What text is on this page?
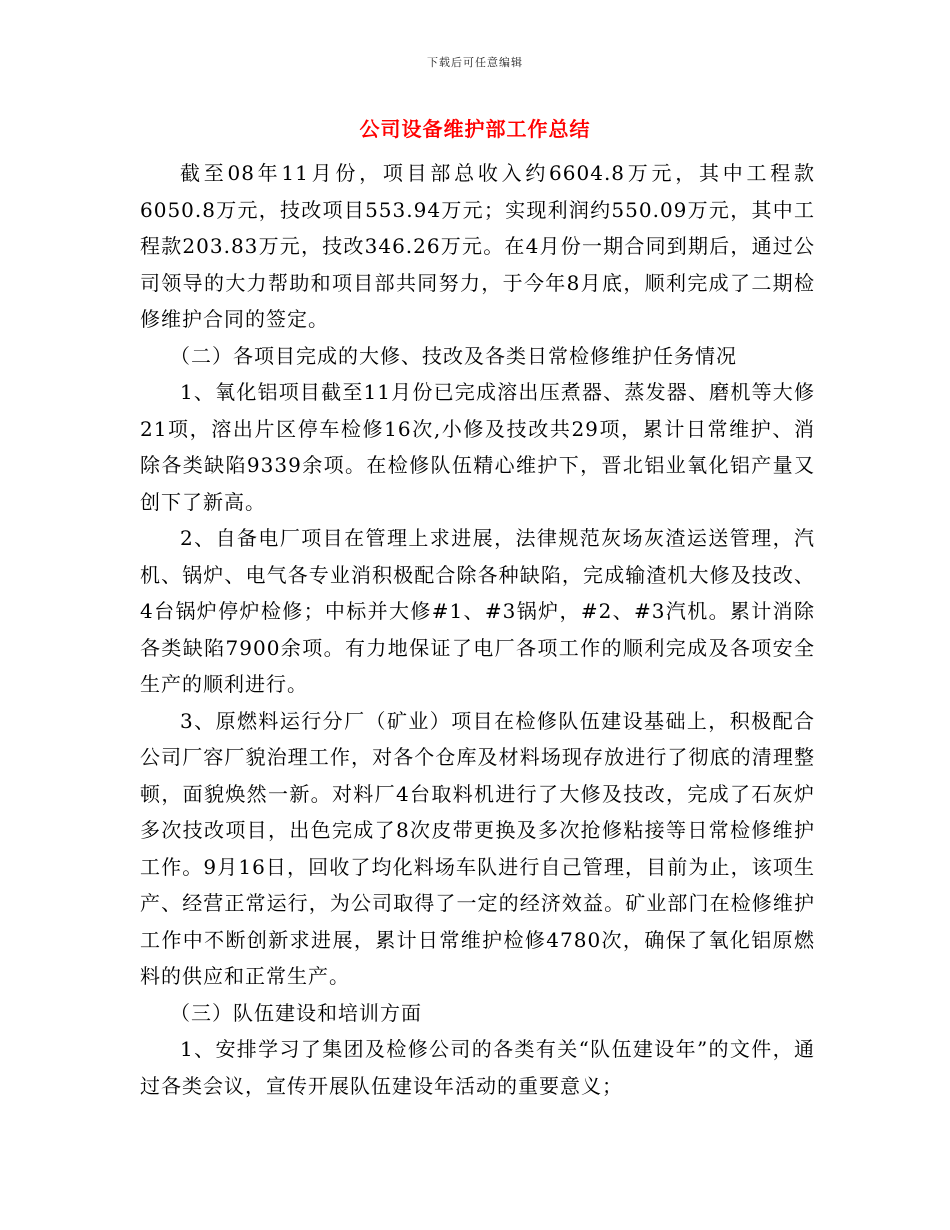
下载后可任意编辑
公司设备维护部工作总结

截至08年11月份，项目部总收入约6604.8万元，其中工程款6050.8万元，技改项目553.94万元；实现利润约550.09万元，其中工程款203.83万元，技改346.26万元。在4月份一期合同到期后，通过公司领导的大力帮助和项目部共同努力，于今年8月底，顺利完成了二期检修维护合同的签定。

（二）各项目完成的大修、技改及各类日常检修维护任务情况

1、氧化铝项目截至11月份已完成溶出压煮器、蒸发器、磨机等大修21项，溶出片区停车检修16次,小修及技改共29项，累计日常维护、消除各类缺陷9339余项。在检修队伍精心维护下，晋北铝业氧化铝产量又创下了新高。

2、自备电厂项目在管理上求进展，法律规范灰场灰渣运送管理，汽机、锅炉、电气各专业消积极配合除各种缺陷，完成输渣机大修及技改、4台锅炉停炉检修；中标并大修#1、#3锅炉，#2、#3汽机。累计消除各类缺陷7900余项。有力地保证了电厂各项工作的顺利完成及各项安全生产的顺利进行。

3、原燃料运行分厂（矿业）项目在检修队伍建设基础上，积极配合公司厂容厂貌治理工作，对各个仓库及材料场现存放进行了彻底的清理整顿，面貌焕然一新。对料厂4台取料机进行了大修及技改，完成了石灰炉多次技改项目，出色完成了8次皮带更换及多次抢修粘接等日常检修维护工作。9月16日，回收了均化料场车队进行自己管理，目前为止，该项生产、经营正常运行，为公司取得了一定的经济效益。矿业部门在检修维护工作中不断创新求进展，累计日常维护检修4780次，确保了氧化铝原燃料的供应和正常生产。

（三）队伍建设和培训方面

1、安排学习了集团及检修公司的各类有关“队伍建设年”的文件，通过各类会议，宣传开展队伍建设年活动的重要意义；
